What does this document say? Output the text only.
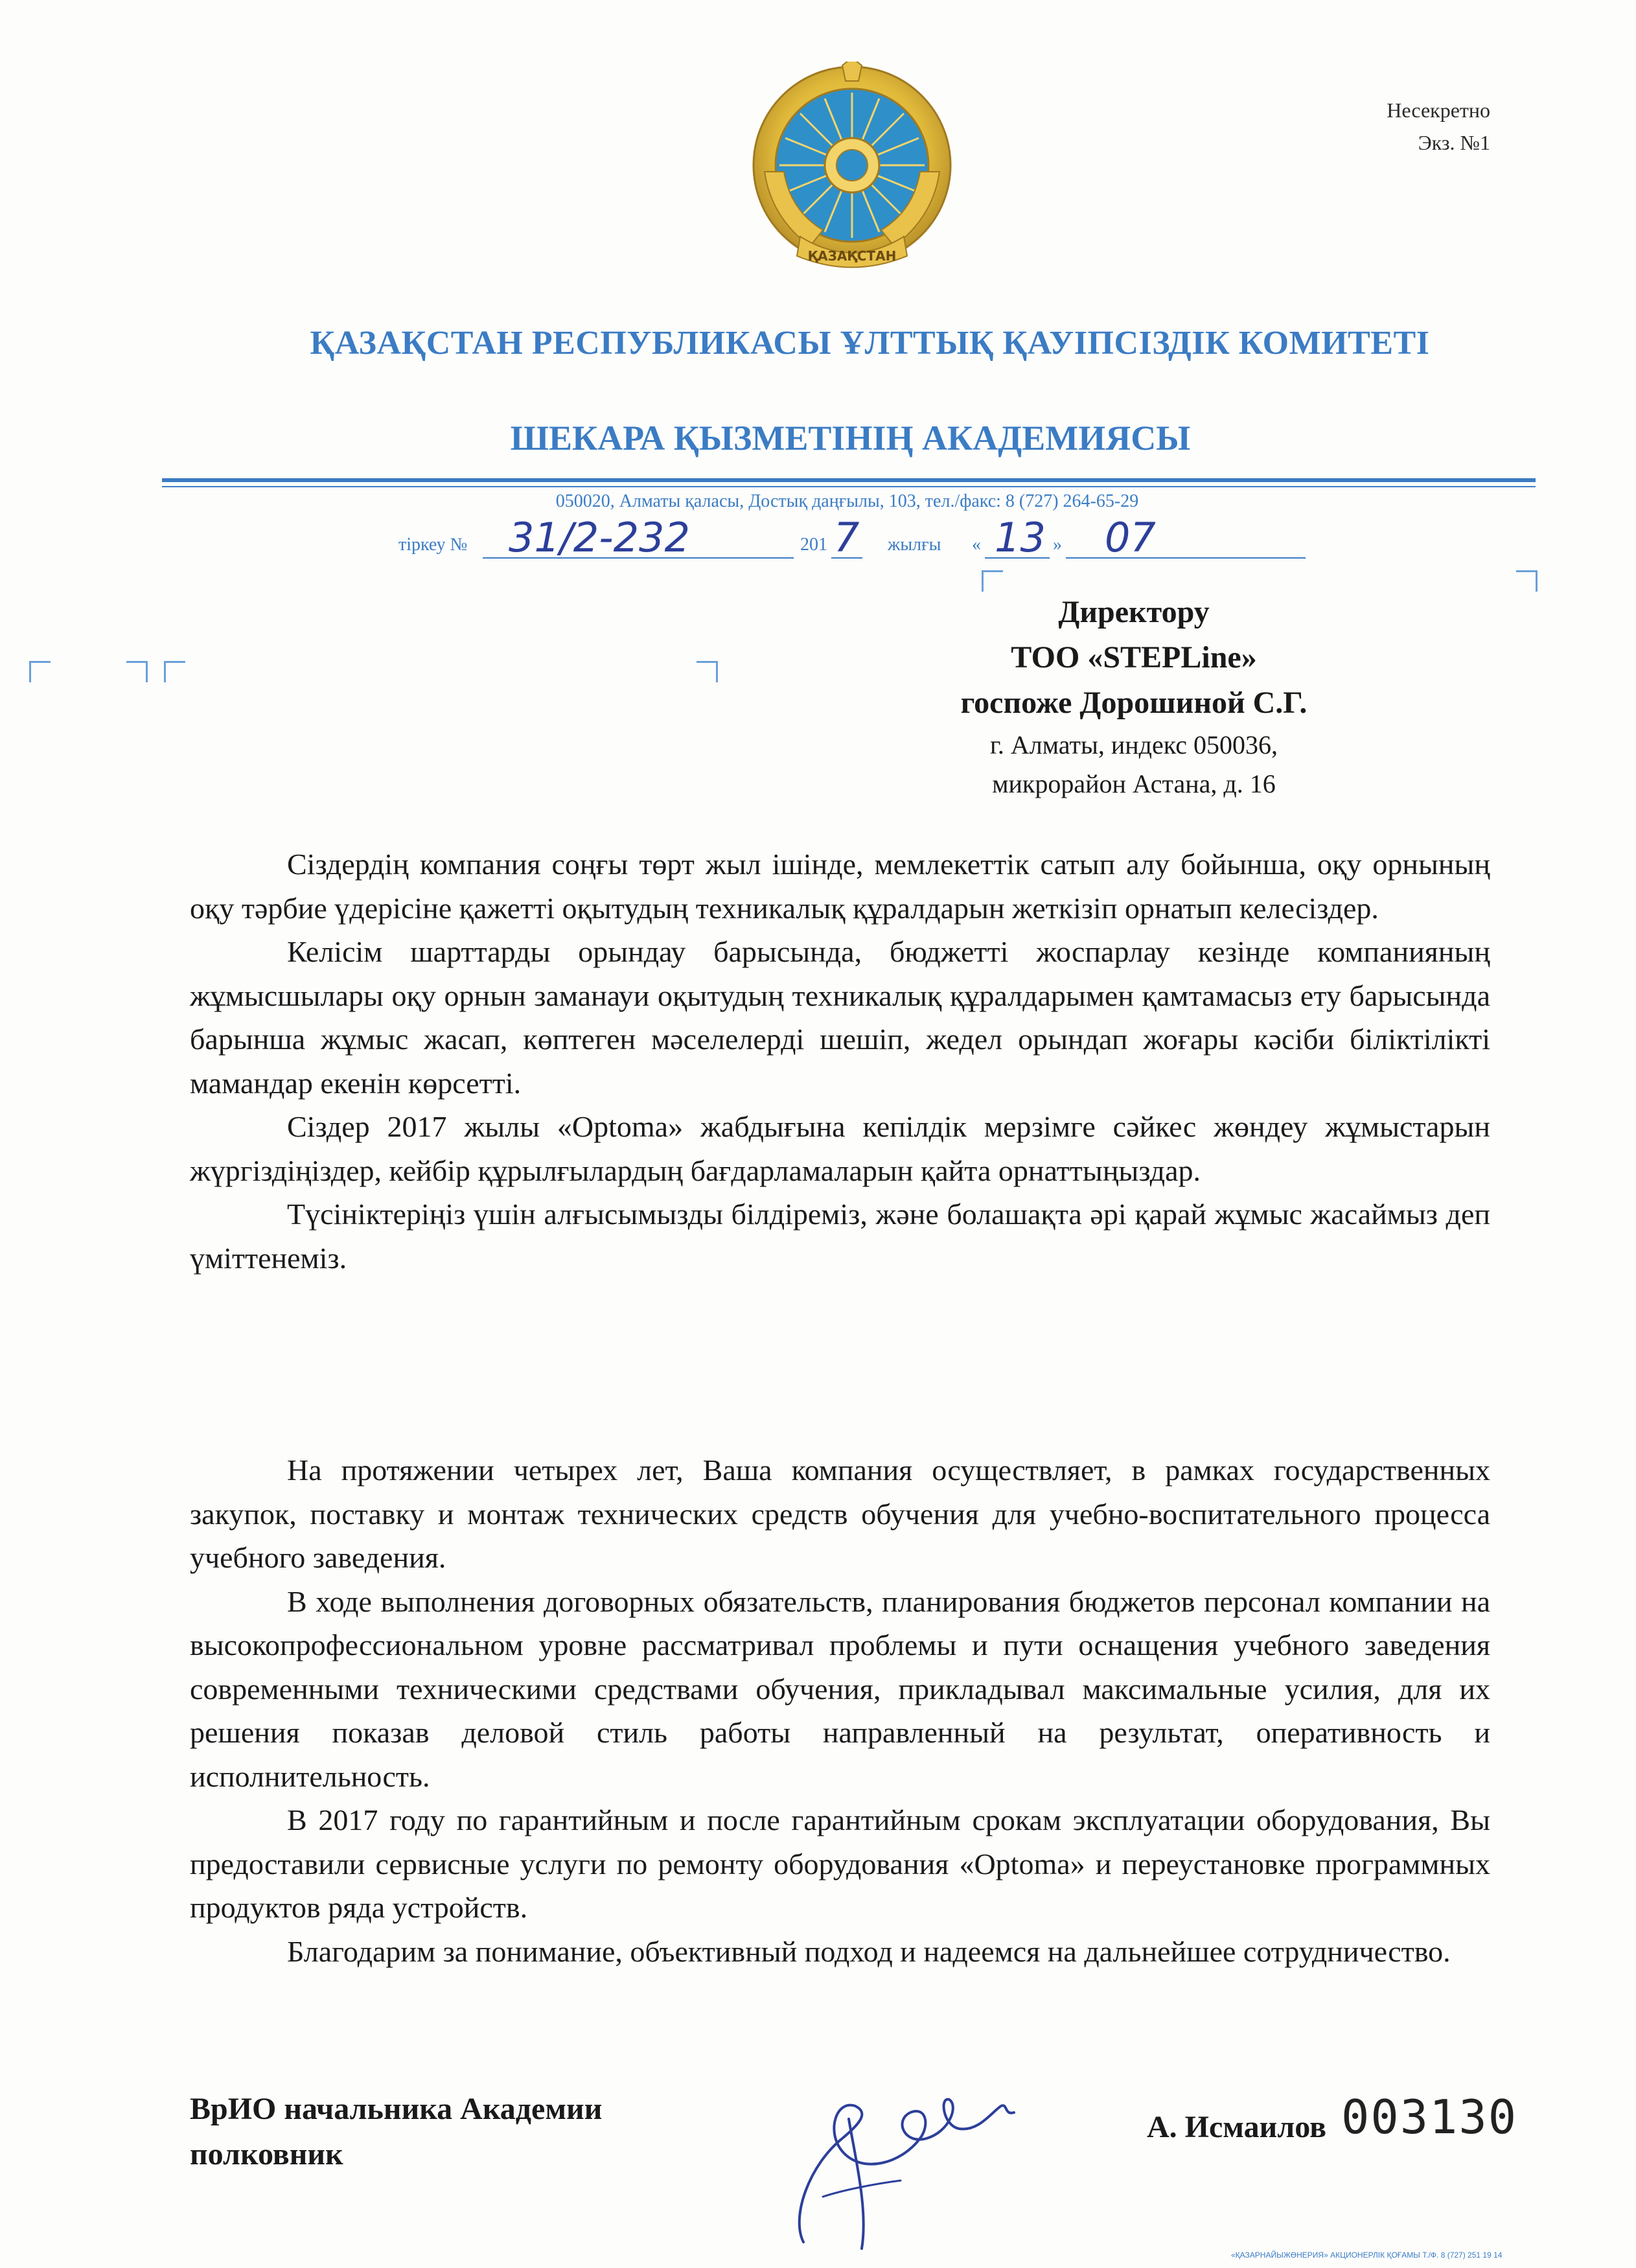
ҚАЗАҚСТАН
Несекретно
Экз. №1
ҚАЗАҚСТАН РЕСПУБЛИКАСЫ ҰЛТТЫҚ ҚАУІПСІЗДІК КОМИТЕТІ
ШЕКАРА ҚЫЗМЕТІНІҢ АКАДЕМИЯСЫ
050020, Алматы қаласы, Достық даңғылы, 103, тел./факс: 8 (727) 264-65-29
тіркеу № 31/2-232	201 7 жылғы « 13 » 07
Директору
ТОО «STEPLine»
госпоже Дорошиной С.Г.
г. Алматы, индекс 050036,
микрорайон Астана, д. 16

Сіздердің компания соңғы төрт жыл ішінде, мемлекеттік сатып алу бойынша, оқу орнының оқу тәрбие үдерісіне қажетті оқытудың техникалық құралдарын жеткізіп орнатып келесіздер.

Келісім шарттарды орындау барысында, бюджетті жоспарлау кезінде компанияның жұмысшылары оқу орнын заманауи оқытудың техникалық құралдарымен қамтамасыз ету барысында барынша жұмыс жасап, көптеген мәселелерді шешіп, жедел орындап жоғары кәсіби біліктілікті мамандар екенін көрсетті.

Сіздер 2017 жылы «Optoma» жабдығына кепілдік мерзімге сәйкес жөндеу жұмыстарын жүргіздіңіздер, кейбір құрылғылардың бағдарламаларын қайта орнаттыңыздар.

Түсініктеріңіз үшін алғысымызды білдіреміз, және болашақта әрі қарай жұмыс жасаймыз деп үміттенеміз.

На протяжении четырех лет, Ваша компания осуществляет, в рамках государственных закупок, поставку и монтаж технических средств обучения для учебно-воспитательного процесса учебного заведения.

В ходе выполнения договорных обязательств, планирования бюджетов персонал компании на высокопрофессиональном уровне рассматривал проблемы и пути оснащения учебного заведения современными техническими средствами обучения, прикладывал максимальные усилия, для их решения показав деловой стиль работы направленный на результат, оперативность и исполнительность.

В 2017 году по гарантийным и после гарантийным срокам эксплуатации оборудования, Вы предоставили сервисные услуги по ремонту оборудования «Optoma» и переустановке программных продуктов ряда устройств.

Благодарим за понимание, объективный подход и надеемся на дальнейшее сотрудничество.

ВрИО начальника Академии
полковник
А. Исмаилов 003130
«ҚАЗАРНАЙЫЖӨНЕРИЯ» АКЦИОНЕРЛІК ҚОҒАМЫ Т./Ф. 8 (727) 251 19 14
